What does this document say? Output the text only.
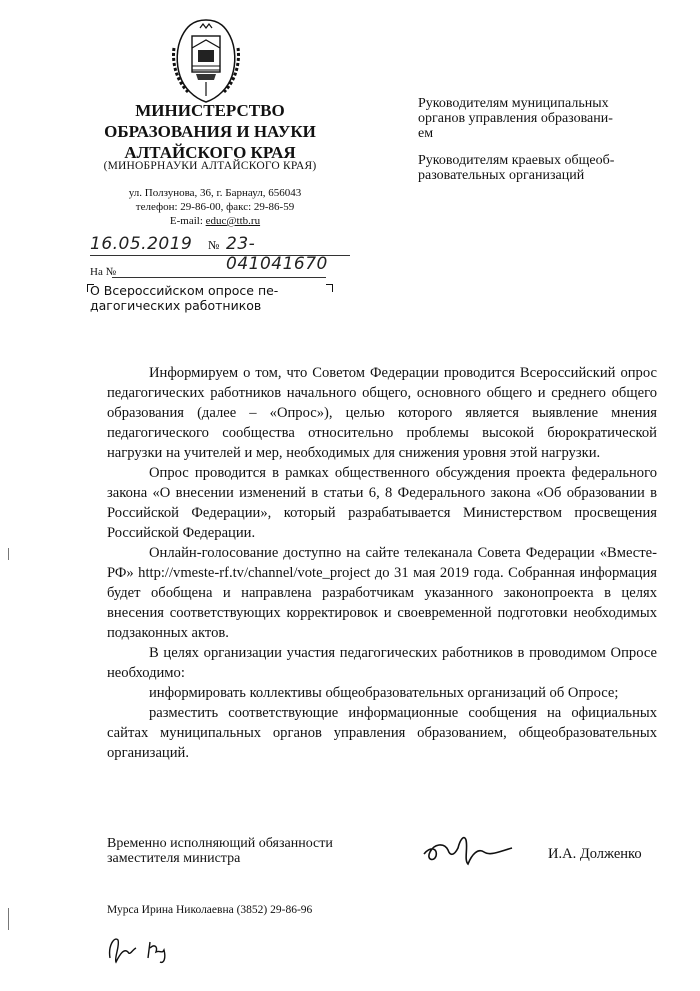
МИНИСТЕРСТВО
ОБРАЗОВАНИЯ И НАУКИ
АЛТАЙСКОГО КРАЯ
(МИНОБРНАУКИ АЛТАЙСКОГО КРАЯ)
ул. Ползунова, 36, г. Барнаул, 656043
телефон: 29-86-00, факс: 29-86-59
E-mail: educ@ttb.ru
Руководителям муниципальных
органов управления образовани-
ем
Руководителям краевых общеоб-
разовательных организаций
16.05.2019 № 23-041041670
На №
О Всероссийском опросе пе-
дагогических работников

Информируем о том, что Советом Федерации проводится Всероссийский опрос педагогических работников начального общего, основного общего и среднего общего образования (далее – «Опрос»), целью которого является выявление мнения педагогического сообщества относительно проблемы высокой бюрократической нагрузки на учителей и мер, необходимых для снижения уровня этой нагрузки.

Опрос проводится в рамках общественного обсуждения проекта федерального закона «О внесении изменений в статьи 6, 8 Федерального закона «Об образовании в Российской Федерации», который разрабатывается Министерством просвещения Российской Федерации.

Онлайн-голосование доступно на сайте телеканала Совета Федерации «Вместе-РФ» http://vmeste-rf.tv/channel/vote_project до 31 мая 2019 года. Собранная информация будет обобщена и направлена разработчикам указанного законопроекта в целях внесения соответствующих корректировок и своевременной подготовки необходимых подзаконных актов.

В целях организации участия педагогических работников в проводимом Опросе необходимо:

информировать коллективы общеобразовательных организаций об Опросе;

разместить соответствующие информационные сообщения на официальных сайтах муниципальных органов управления образованием, общеобразовательных организаций.

Временно исполняющий обязанности
заместителя министра	И.А. Долженко
Мурса Ирина Николаевна (3852) 29-86-96
